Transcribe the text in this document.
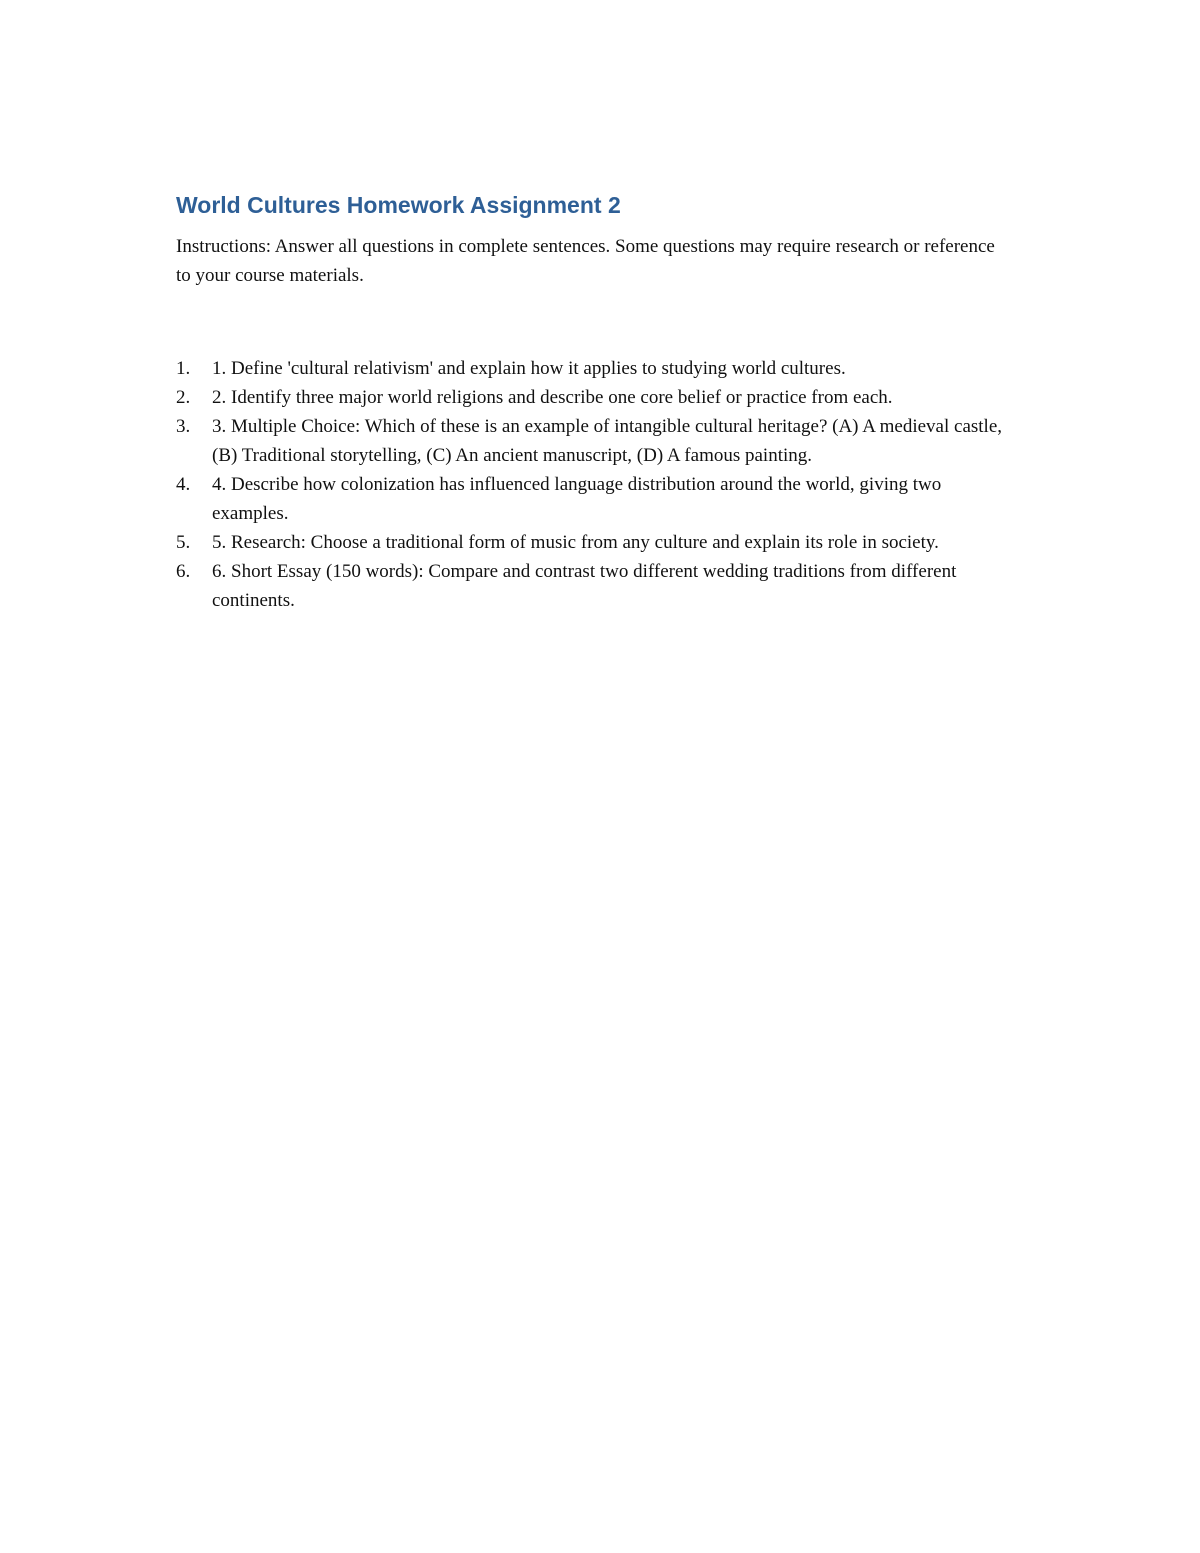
World Cultures Homework Assignment 2

Instructions: Answer all questions in complete sentences. Some questions may require research or reference to your course materials.

1.	1. Define 'cultural relativism' and explain how it applies to studying world cultures.
2.	2. Identify three major world religions and describe one core belief or practice from each.
3.	3. Multiple Choice: Which of these is an example of intangible cultural heritage? (A) A medieval castle, (B) Traditional storytelling, (C) An ancient manuscript, (D) A famous painting.
4.	4. Describe how colonization has influenced language distribution around the world, giving two examples.
5.	5. Research: Choose a traditional form of music from any culture and explain its role in society.
6.	6. Short Essay (150 words): Compare and contrast two different wedding traditions from different continents.
